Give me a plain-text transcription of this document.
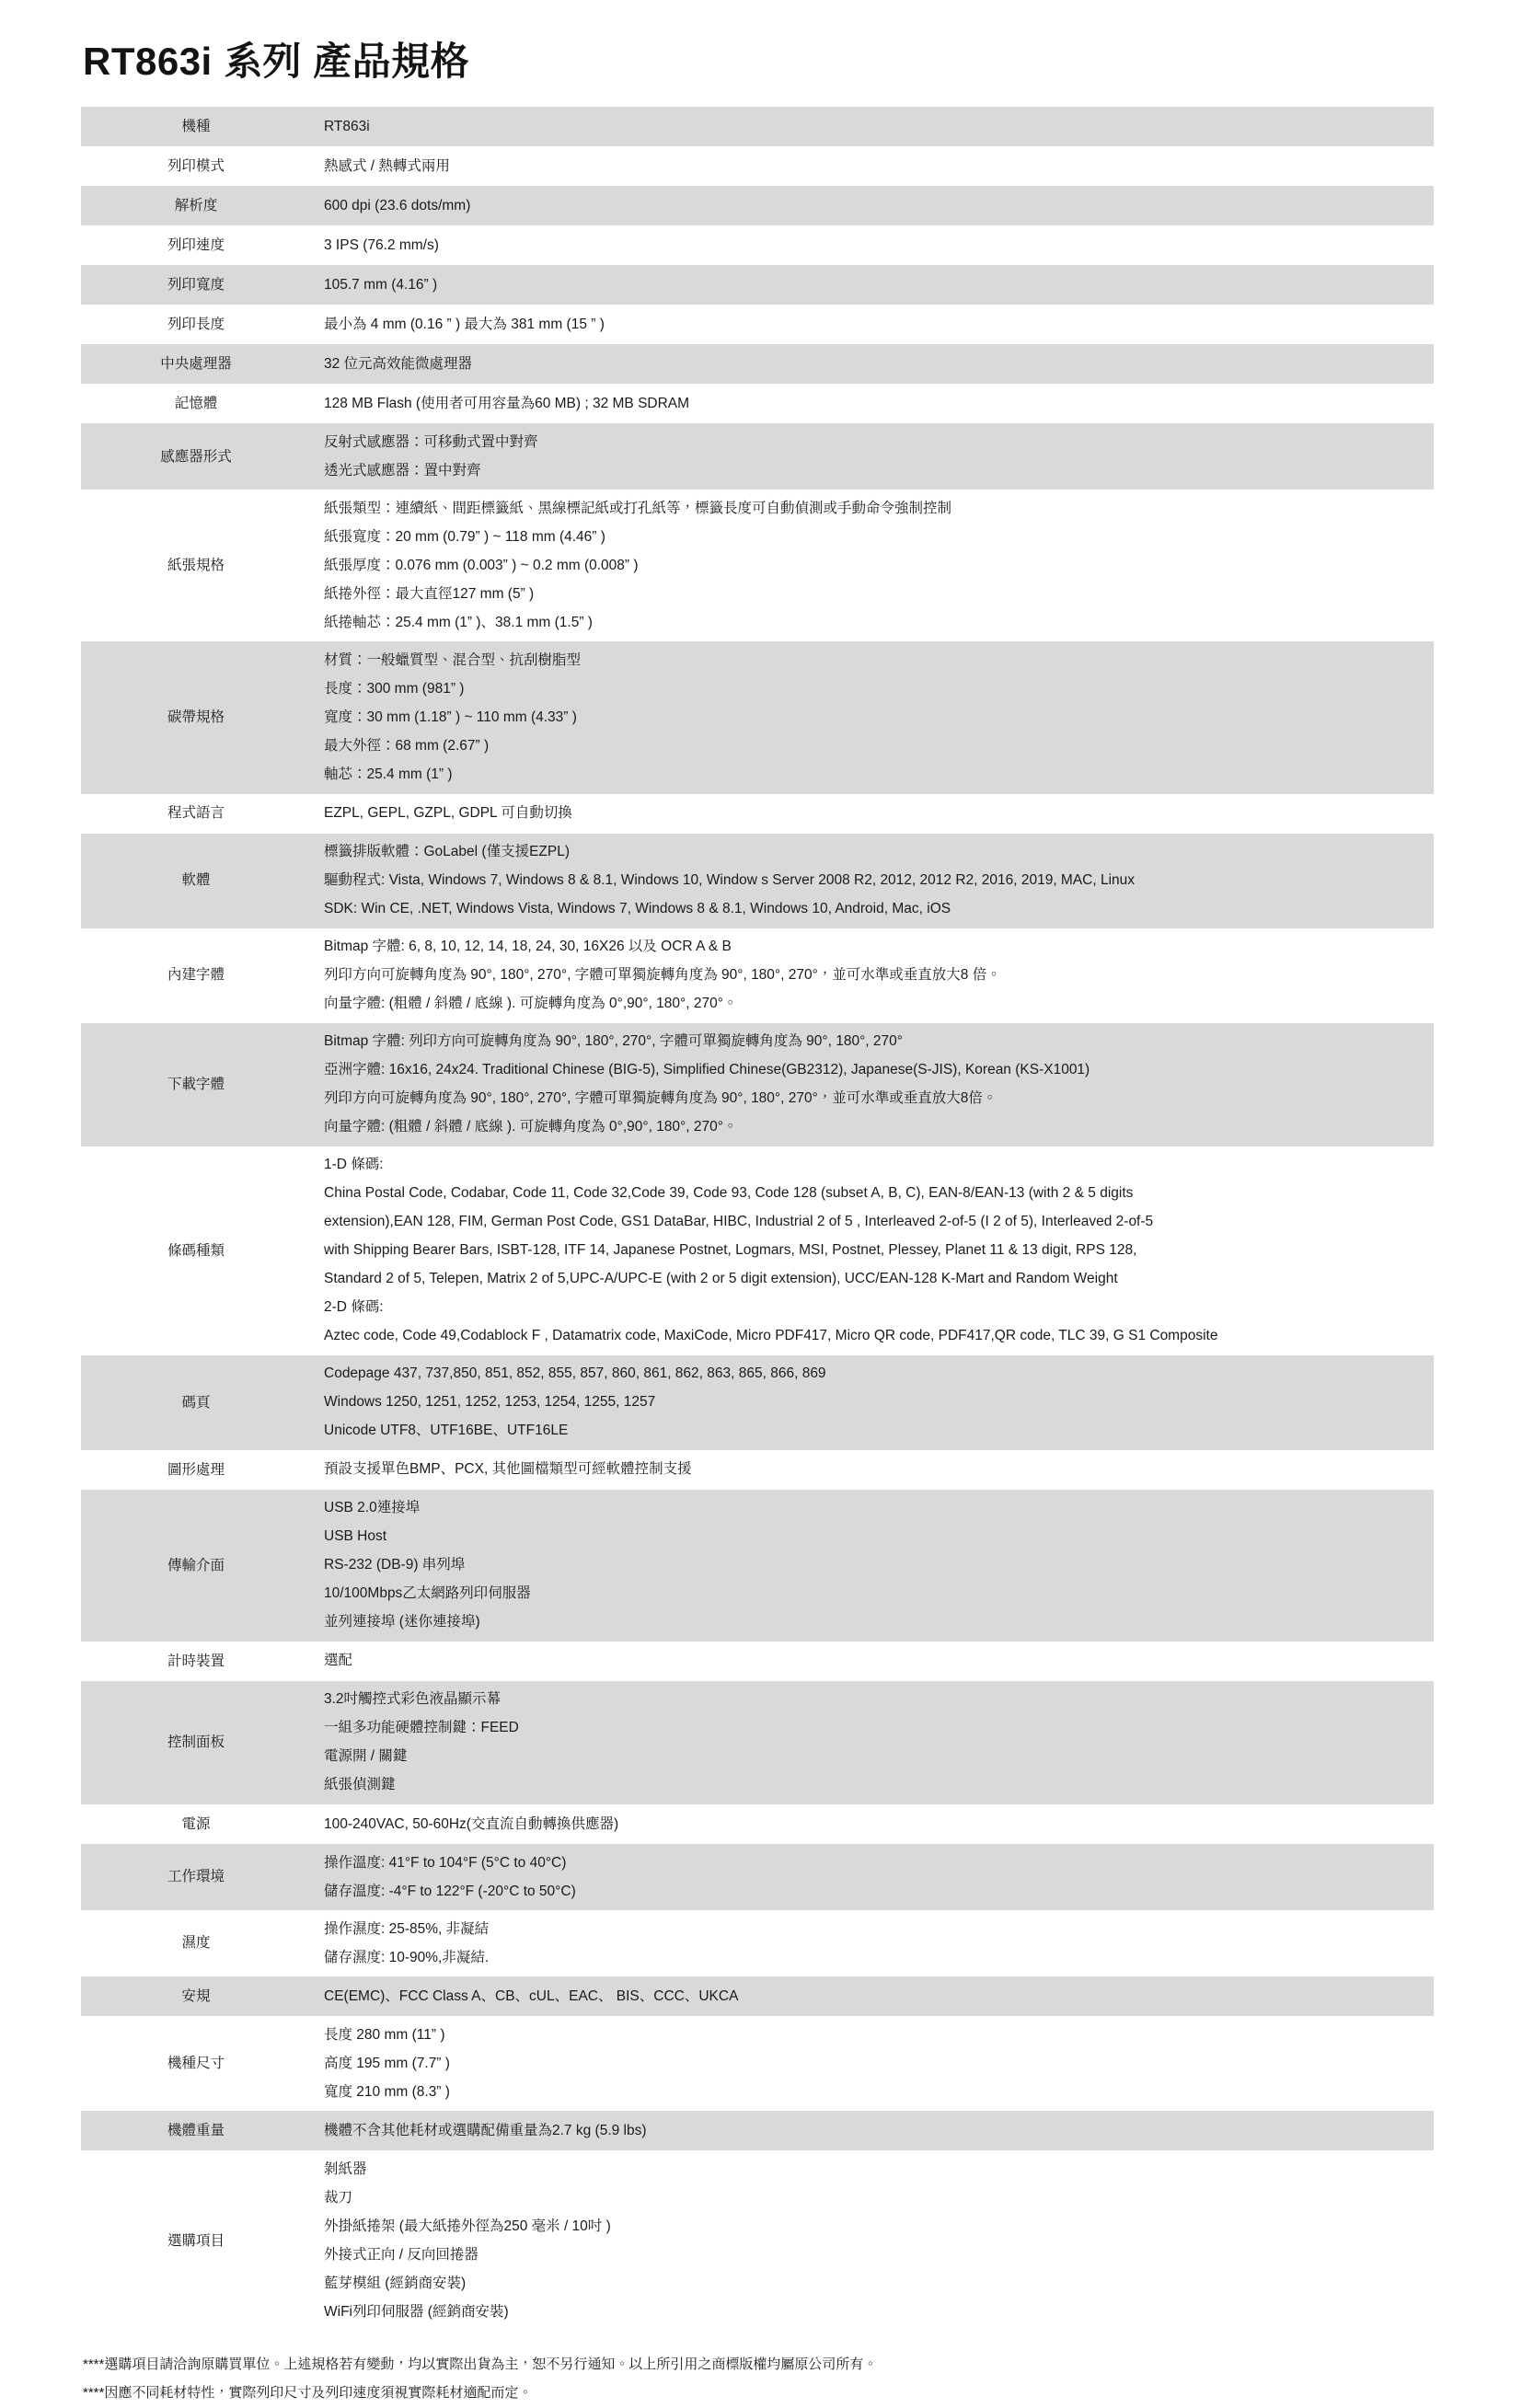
RT863i 系列 產品規格
機種	RT863i

列印模式	熱感式 / 熱轉式兩用

解析度	600 dpi (23.6 dots/mm)

列印速度	3 IPS (76.2 mm/s)

列印寬度	105.7 mm (4.16” )

列印長度	最小為 4 mm (0.16 ” ) 最大為 381 mm (15 ” )

中央處理器	32 位元高效能微處理器

記憶體	128 MB Flash (使用者可用容量為60 MB) ; 32 MB SDRAM

感應器形式	反射式感應器：可移動式置中對齊
透光式感應器：置中對齊

紙張規格	紙張類型：連續紙、間距標籤紙、黑線標記紙或打孔紙等，標籤長度可自動偵測或手動命令強制控制
紙張寬度：20 mm (0.79” ) ~ 118 mm (4.46” )
紙張厚度：0.076 mm (0.003” ) ~ 0.2 mm (0.008” )
紙捲外徑：最大直徑127 mm (5” )
紙捲軸芯：25.4 mm (1” )、38.1 mm (1.5” )

碳帶規格	材質：一般蠟質型、混合型、抗刮樹脂型
長度：300 mm (981” )
寬度：30 mm (1.18” ) ~ 110 mm (4.33” )
最大外徑：68 mm (2.67” )
軸芯：25.4 mm (1” )

程式語言	EZPL, GEPL, GZPL, GDPL 可自動切換

軟體	標籤排版軟體：GoLabel (僅支援EZPL)
驅動程式: Vista, Windows 7, Windows 8 & 8.1, Windows 10, Window s Server 2008 R2, 2012, 2012 R2, 2016, 2019, MAC, Linux
SDK: Win CE, .NET, Windows Vista, Windows 7, Windows 8 & 8.1, Windows 10, Android, Mac, iOS

內建字體	Bitmap 字體: 6, 8, 10, 12, 14, 18, 24, 30, 16X26 以及 OCR A & B
列印方向可旋轉角度為 90°, 180°, 270°, 字體可單獨旋轉角度為 90°, 180°, 270°，並可水準或垂直放大8 倍。
向量字體: (粗體 / 斜體 / 底線 ). 可旋轉角度為 0°,90°, 180°, 270°。

下載字體	Bitmap 字體: 列印方向可旋轉角度為 90°, 180°, 270°, 字體可單獨旋轉角度為 90°, 180°, 270°
亞洲字體: 16x16, 24x24. Traditional Chinese (BIG-5), Simplified Chinese(GB2312), Japanese(S-JIS), Korean (KS-X1001)
列印方向可旋轉角度為 90°, 180°, 270°, 字體可單獨旋轉角度為 90°, 180°, 270°，並可水準或垂直放大8倍。
向量字體: (粗體 / 斜體 / 底線 ). 可旋轉角度為 0°,90°, 180°, 270°。

條碼種類	
1-D 條碼:
China Postal Code, Codabar, Code 11, Code 32,Code 39, Code 93, Code 128 (subset A, B, C), EAN-8/EAN-13 (with 2 & 5 digits
extension),EAN 128, FIM, German Post Code, GS1 DataBar, HIBC, Industrial 2 of 5 , Interleaved 2-of-5 (I 2 of 5), Interleaved 2-of-5
with Shipping Bearer Bars, ISBT-128, ITF 14, Japanese Postnet, Logmars, MSI, Postnet, Plessey, Planet 11 & 13 digit, RPS 128,
Standard 2 of 5, Telepen, Matrix 2 of 5,UPC-A/UPC-E (with 2 or 5 digit extension), UCC/EAN-128 K-Mart and Random Weight
2-D 條碼:
Aztec code, Code 49,Codablock F , Datamatrix code, MaxiCode, Micro PDF417, Micro QR code, PDF417,QR code, TLC 39, G S1 Composite

碼頁	Codepage 437, 737,850, 851, 852, 855, 857, 860, 861, 862, 863, 865, 866, 869
Windows 1250, 1251, 1252, 1253, 1254, 1255, 1257
Unicode UTF8、UTF16BE、UTF16LE

圖形處理	預設支援單色BMP、PCX, 其他圖檔類型可經軟體控制支援

傳輸介面	USB 2.0連接埠
USB Host
RS-232 (DB-9) 串列埠
10/100Mbps乙太網路列印伺服器
並列連接埠 (迷你連接埠)

計時裝置	選配

控制面板	3.2吋觸控式彩色液晶顯示幕
一組多功能硬體控制鍵：FEED
電源開 / 關鍵
紙張偵測鍵

電源	100-240VAC, 50-60Hz(交直流自動轉換供應器)

工作環境	操作溫度: 41°F to 104°F (5°C to 40°C)
儲存溫度: -4°F to 122°F (-20°C to 50°C)

濕度	操作濕度: 25-85%, 非凝結
儲存濕度: 10-90%,非凝結.

安規	CE(EMC)、FCC Class A、CB、cUL、EAC、 BIS、CCC、UKCA

機種尺寸	長度 280 mm (11” )
高度 195 mm (7.7” )
寬度 210 mm (8.3” )

機體重量	機體不含其他耗材或選購配備重量為2.7 kg (5.9 lbs)

選購項目	
剝紙器
裁刀
外掛紙捲架 (最大紙捲外徑為250 毫米 / 10吋 )
外接式正向 / 反向回捲器
藍芽模組 (經銷商安裝)
WiFi列印伺服器 (經銷商安裝)
****選購項目請洽詢原購買單位。上述規格若有變動，均以實際出貨為主，恕不另行通知。以上所引用之商標版權均屬原公司所有。
****因應不同耗材特性，實際列印尺寸及列印速度須視實際耗材適配而定。
